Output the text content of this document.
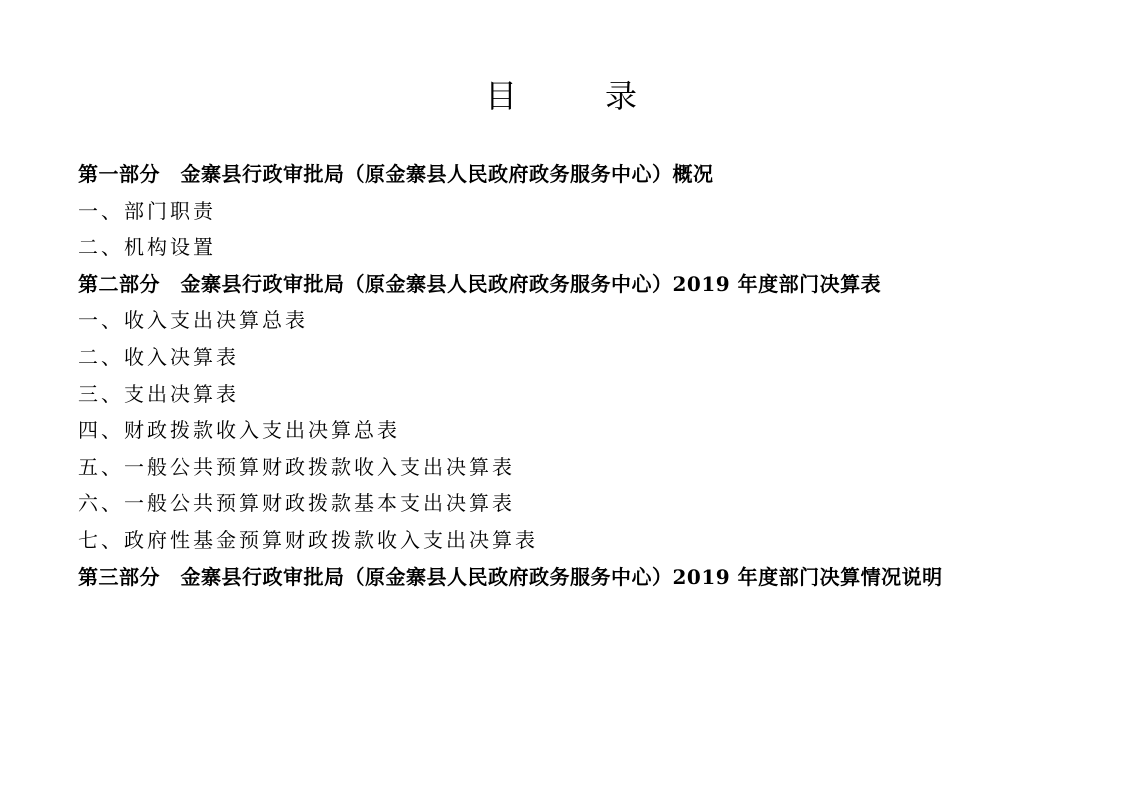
目　录
第一部分　金寨县行政审批局（原金寨县人民政府政务服务中心）概况
一、部门职责
二、机构设置
第二部分　金寨县行政审批局（原金寨县人民政府政务服务中心）2019 年度部门决算表
一、收入支出决算总表
二、收入决算表
三、支出决算表
四、财政拨款收入支出决算总表
五、一般公共预算财政拨款收入支出决算表
六、一般公共预算财政拨款基本支出决算表
七、政府性基金预算财政拨款收入支出决算表
第三部分　金寨县行政审批局（原金寨县人民政府政务服务中心）2019 年度部门决算情况说明
